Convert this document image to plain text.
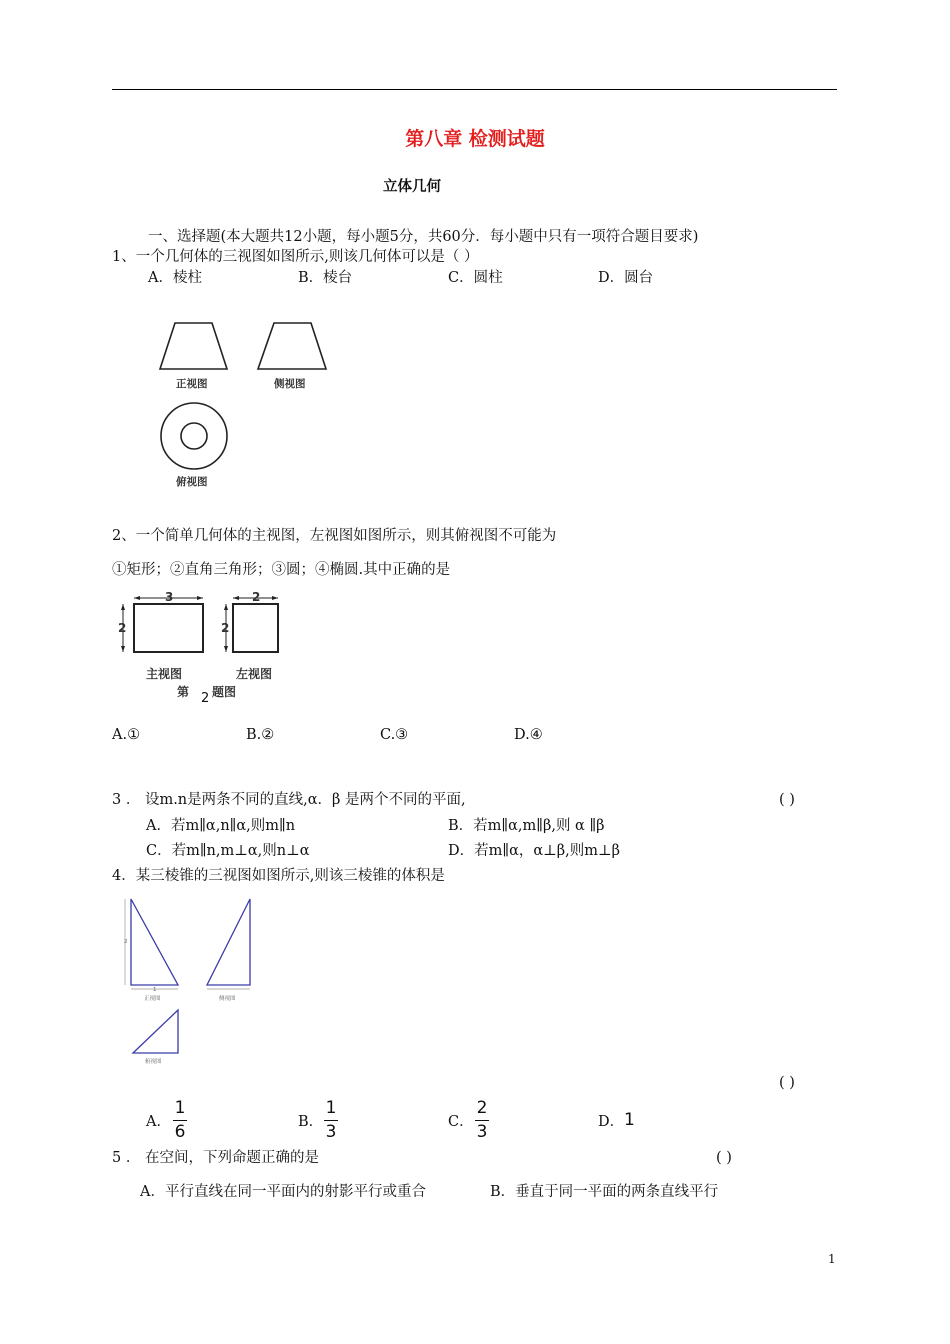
第八章 检测试题
立体几何
一、选择题(本大题共12小题，每小题5分，共60分．每小题中只有一项符合题目要求)
1、一个几何体的三视图如图所示,则该几何体可以是（ ）
A．棱柱	B．棱台	C．圆柱	D．圆台
正视图	侧视图
俯视图
2、一个简单几何体的主视图，左视图如图所示，则其俯视图不可能为
①矩形；②直角三角形；③圆；④椭圆.其中正确的是
3
2
主视图
2
2
左视图
第 2 题图
A.①	B.②	C.③	D.④
3 ． 设m.n是两条不同的直线,α．β 是两个不同的平面,	( )
A．若m∥α,n∥α,则m∥n	B．若m∥α,m∥β,则 α ∥β
C．若m∥n,m⊥α,则n⊥α	D．若m∥α，α⊥β,则m⊥β
4．某三棱锥的三视图如图所示,则该三棱锥的体积是
2
1
正视图	侧视图
俯视图
( )
A．
1
6	B．
1
3	C．
2
3	D． 1
5 ． 在空间，下列命题正确的是	( )
A．平行直线在同一平面内的射影平行或重合	B．垂直于同一平面的两条直线平行
1
